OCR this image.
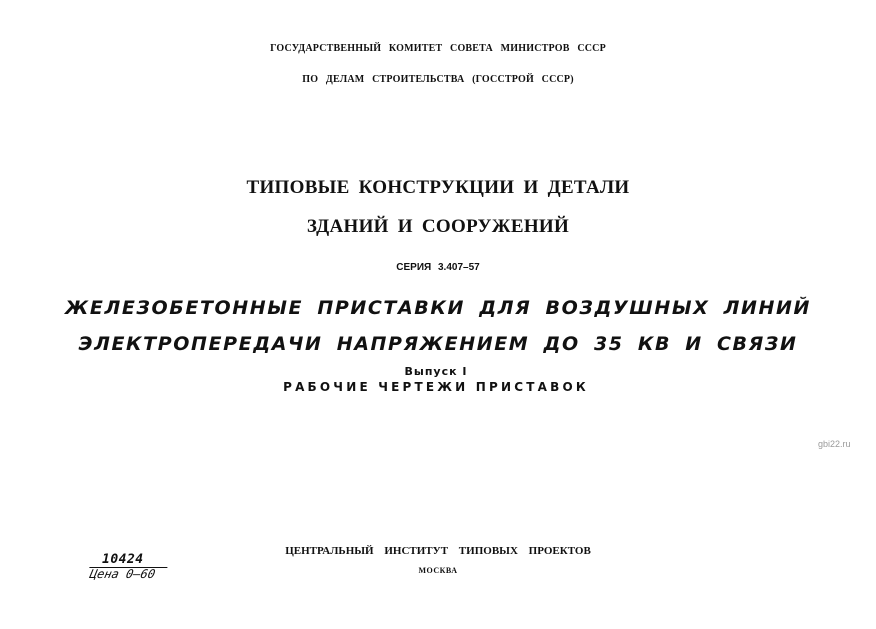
ГОСУДАРСТВЕННЫЙ КОМИТЕТ СОВЕТА МИНИСТРОВ СССР
ПО ДЕЛАМ СТРОИТЕЛЬСТВА (ГОССТРОЙ СССР)
ТИПОВЫЕ КОНСТРУКЦИИ И ДЕТАЛИ
ЗДАНИЙ И СООРУЖЕНИЙ
СЕРИЯ 3.407–57
ЖЕЛЕЗОБЕТОННЫЕ ПРИСТАВКИ ДЛЯ ВОЗДУШНЫХ ЛИНИЙ
ЭЛЕКТРОПЕРЕДАЧИ НАПРЯЖЕНИЕМ ДО 35 КВ И СВЯЗИ
Выпуск I
РАБОЧИЕ ЧЕРТЕЖИ ПРИСТАВОК
gbi22.ru
10424
Цена 0–60
ЦЕНТРАЛЬНЫЙ ИНСТИТУТ ТИПОВЫХ ПРОЕКТОВ
МОСКВА
